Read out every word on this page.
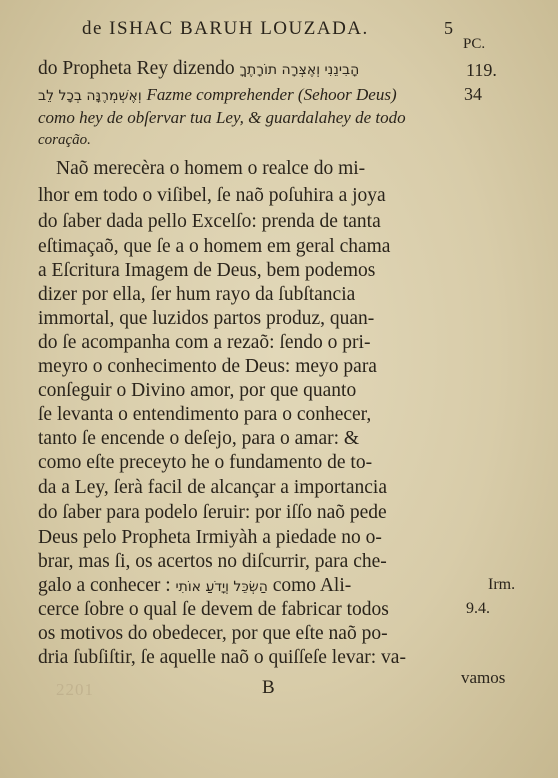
de ISHAC BARUH LOUZADA.	5
PC.
do Propheta Rey dizendo הָבִינֵנִי וְאֶצְּרָה תוֹרָתֶךָ	119.
וְאֶשְׁמְרֶנָּה בְכָל לֵב Fazme comprehender (Sehoor Deus)	34
como hey de obſervar tua Ley, & guardalahey de todo
coração.
Naõ merecèra o homem o realce do mi-
lhor em todo o viſibel, ſe naõ poſuhira a joya
do ſaber dada pello Excelſo: prenda de tanta
eſtimaçaõ, que ſe a o homem em geral chama
a Eſcritura Imagem de Deus, bem podemos
dizer por ella, ſer hum rayo da ſubſtancia
immortal, que luzidos partos produz, quan-
do ſe acompanha com a rezaõ: ſendo o pri-
meyro o conhecimento de Deus: meyo para
conſeguir o Divino amor, por que quanto
ſe levanta o entendimento para o conhecer,
tanto ſe encende o deſejo, para o amar: &
como eſte preceyto he o fundamento de to-
da a Ley, ſerà facil de alcançar a importancia
do ſaber para podelo ſeruir: por iſſo naõ pede
Deus pelo Propheta Irmiyàh a piedade no o-
brar, mas ſi, os acertos no diſcurrir, para che-
galo a conhecer : הַשְׂכֵּל וְיָדֹעַ אוֹתִי como Ali-	Irm.
cerce ſobre o qual ſe devem de fabricar todos	9.4.
os motivos do obedecer, por que eſte naõ po-
dria ſubſiſtir, ſe aquelle naõ o quiſſeſe levar: va-
2201	B	vamos
